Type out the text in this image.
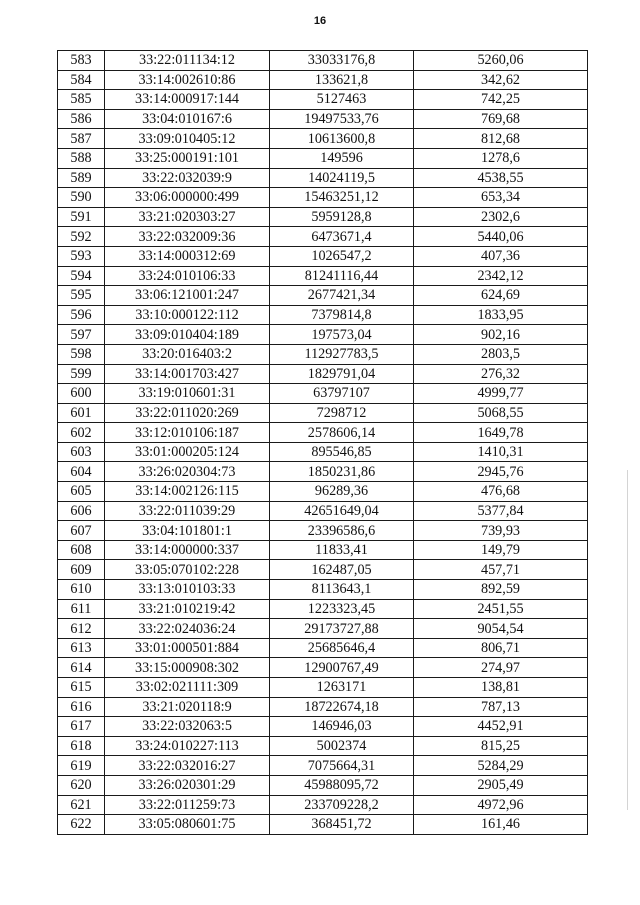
16
583	33:22:011134:12	33033176,8	5260,06
584	33:14:002610:86	133621,8	342,62
585	33:14:000917:144	5127463	742,25
586	33:04:010167:6	19497533,76	769,68
587	33:09:010405:12	10613600,8	812,68
588	33:25:000191:101	149596	1278,6
589	33:22:032039:9	14024119,5	4538,55
590	33:06:000000:499	15463251,12	653,34
591	33:21:020303:27	5959128,8	2302,6
592	33:22:032009:36	6473671,4	5440,06
593	33:14:000312:69	1026547,2	407,36
594	33:24:010106:33	81241116,44	2342,12
595	33:06:121001:247	2677421,34	624,69
596	33:10:000122:112	7379814,8	1833,95
597	33:09:010404:189	197573,04	902,16
598	33:20:016403:2	112927783,5	2803,5
599	33:14:001703:427	1829791,04	276,32
600	33:19:010601:31	63797107	4999,77
601	33:22:011020:269	7298712	5068,55
602	33:12:010106:187	2578606,14	1649,78
603	33:01:000205:124	895546,85	1410,31
604	33:26:020304:73	1850231,86	2945,76
605	33:14:002126:115	96289,36	476,68
606	33:22:011039:29	42651649,04	5377,84
607	33:04:101801:1	23396586,6	739,93
608	33:14:000000:337	11833,41	149,79
609	33:05:070102:228	162487,05	457,71
610	33:13:010103:33	8113643,1	892,59
611	33:21:010219:42	1223323,45	2451,55
612	33:22:024036:24	29173727,88	9054,54
613	33:01:000501:884	25685646,4	806,71
614	33:15:000908:302	12900767,49	274,97
615	33:02:021111:309	1263171	138,81
616	33:21:020118:9	18722674,18	787,13
617	33:22:032063:5	146946,03	4452,91
618	33:24:010227:113	5002374	815,25
619	33:22:032016:27	7075664,31	5284,29
620	33:26:020301:29	45988095,72	2905,49
621	33:22:011259:73	233709228,2	4972,96
622	33:05:080601:75	368451,72	161,46
